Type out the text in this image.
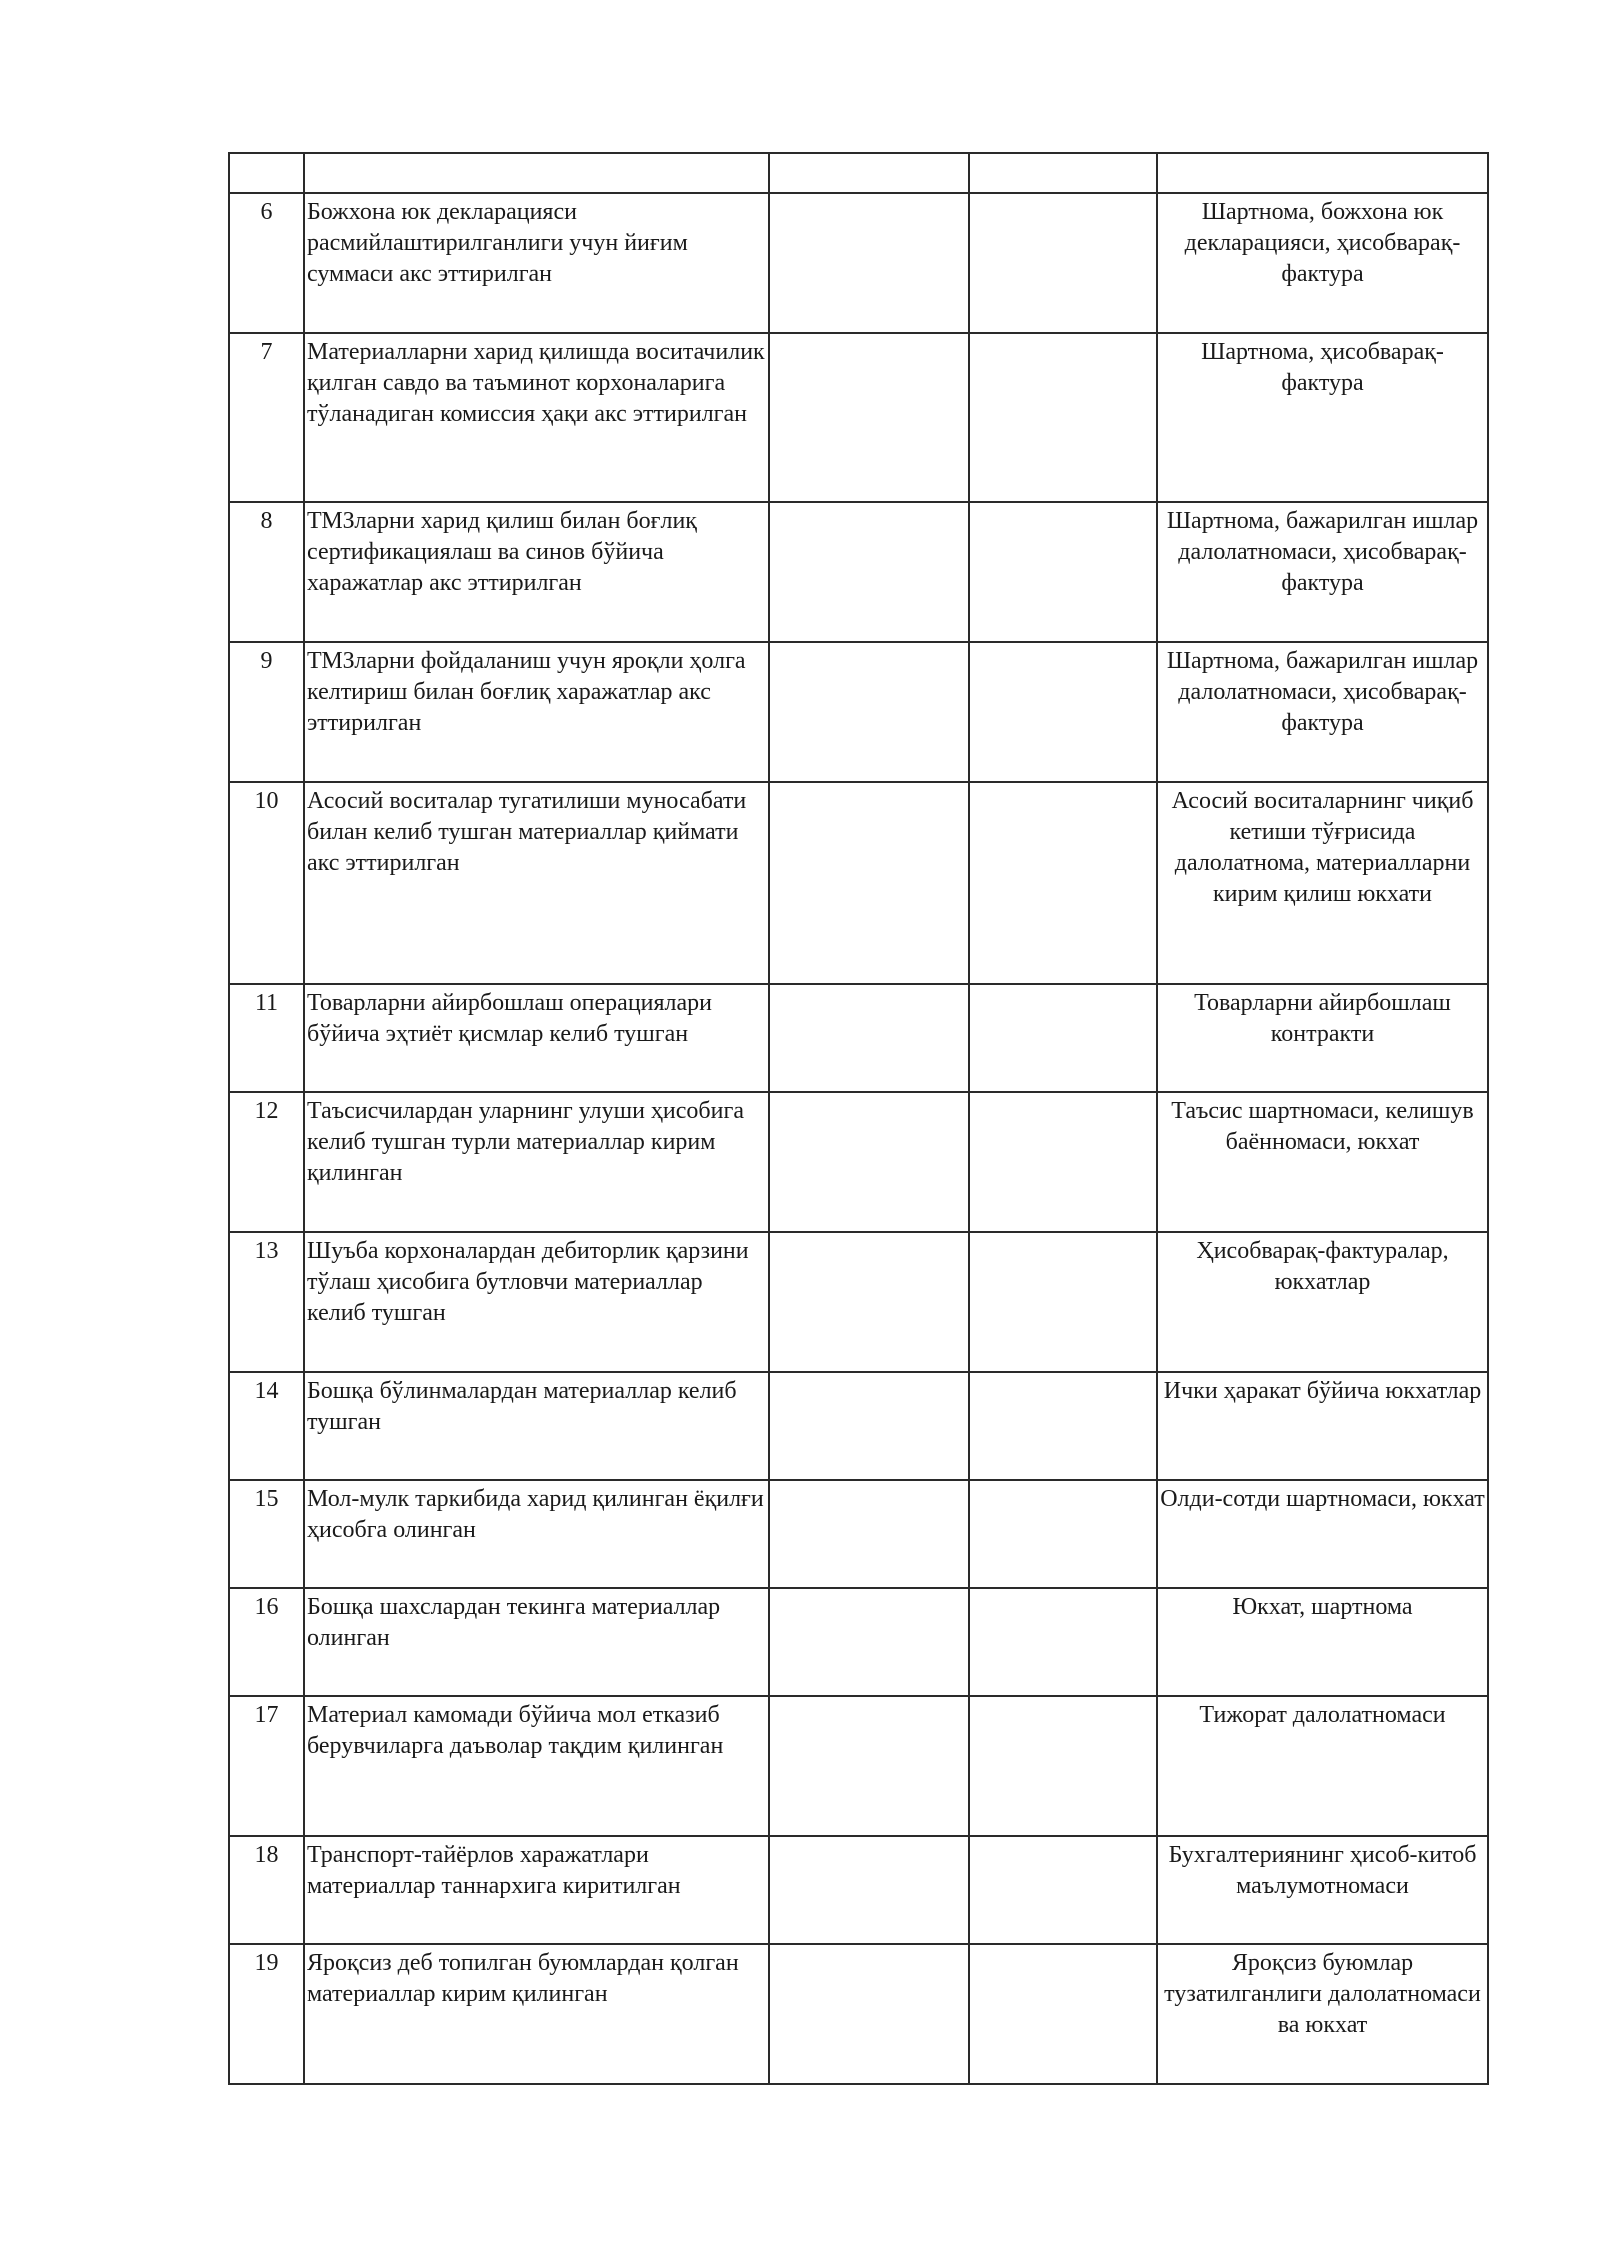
6	Божхона юк декларацияси расмийлаштирилганлиги учун йиғим суммаси акс эттирилган			Шартнома, божхона юк декларацияси, ҳисобварақ-фактура
7	Материалларни харид қилишда воситачилик қилган савдо ва таъминот корхоналарига тўланадиган комиссия ҳақи акс эттирилган			Шартнома, ҳисобварақ-фактура
8	ТМЗларни харид қилиш билан боғлиқ сертификациялаш ва синов бўйича харажатлар акс эттирилган			Шартнома, бажарилган ишлар далолатномаси, ҳисобварақ-фактура
9	ТМЗларни фойдаланиш учун яроқли ҳолга келтириш билан боғлиқ харажатлар акс эттирилган			Шартнома, бажарилган ишлар далолатномаси, ҳисобварақ-фактура
10	Асосий воситалар тугатилиши муносабати билан келиб тушган материаллар қиймати акс эттирилган			Асосий воситаларнинг чиқиб кетиши тўғрисида далолатнома, материалларни кирим қилиш юкхати
11	Товарларни айирбошлаш операциялари бўйича эҳтиёт қисмлар келиб тушган			Товарларни айирбошлаш контракти
12	Таъсисчилардан уларнинг улуши ҳисобига келиб тушган турли материаллар кирим қилинган			Таъсис шартномаси, келишув баённомаси, юкхат
13	Шуъба корхоналардан дебиторлик қарзини тўлаш ҳисобига бутловчи материаллар келиб тушган			Ҳисобварақ-фактуралар, юкхатлар
14	Бошқа бўлинмалардан материаллар келиб тушган			Ички ҳаракат бўйича юкхатлар
15	Мол-мулк таркибида харид қилинган ёқилғи ҳисобга олинган			Олди-сотди шартномаси, юкхат
16	Бошқа шахслардан текинга материаллар олинган			Юкхат, шартнома
17	Материал камомади бўйича мол етказиб берувчиларга даъволар тақдим қилинган			Тижорат далолатномаси
18	Транспорт-тайёрлов харажатлари материаллар таннархига киритилган			Бухгалтериянинг ҳисоб-китоб маълумотномаси
19	Яроқсиз деб топилган буюмлардан қолган материаллар кирим қилинган			Яроқсиз буюмлар тузатилганлиги далолатномаси ва юкхат
